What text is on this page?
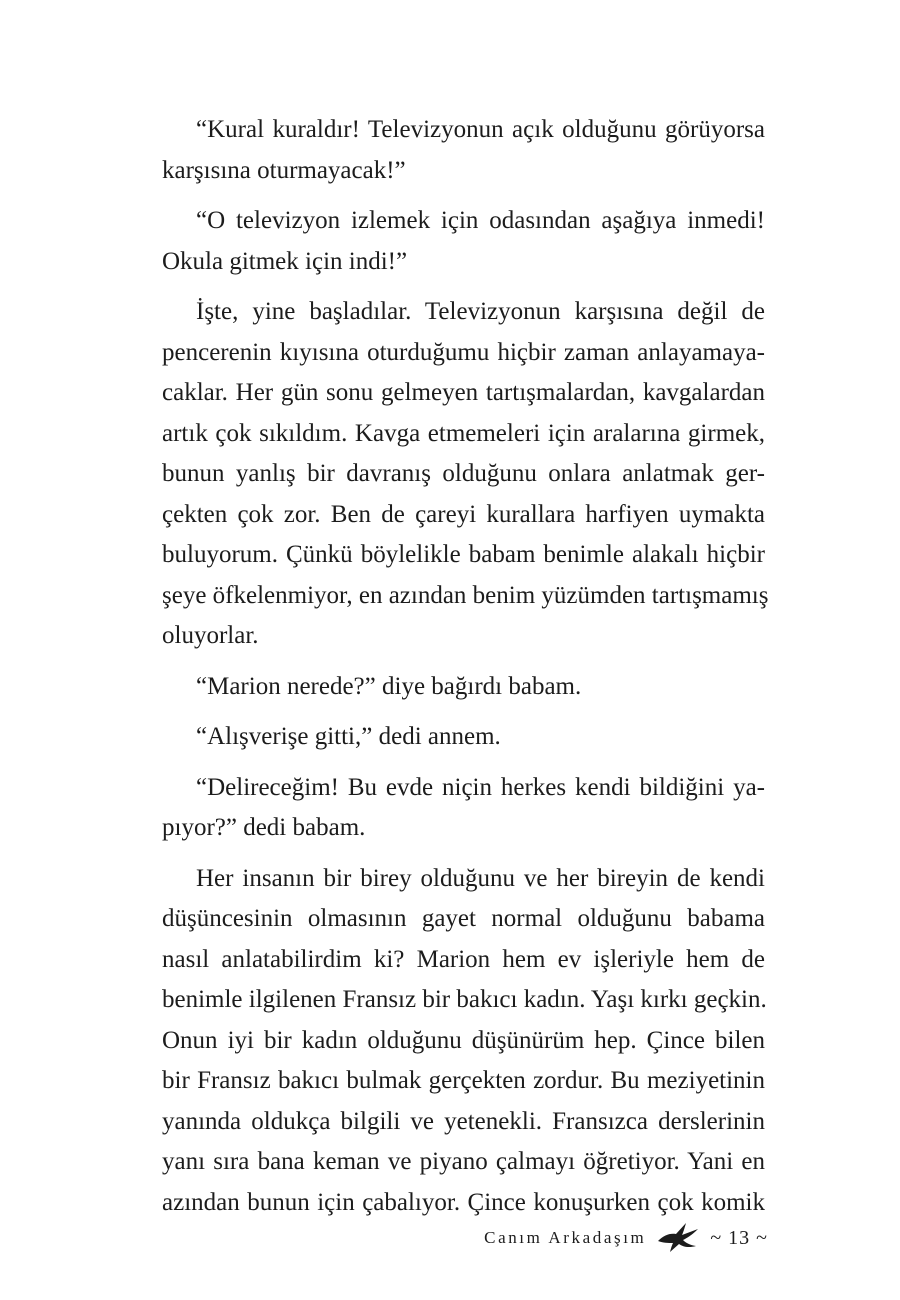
“Kural kuraldır! Televizyonun açık olduğunu görüyorsa
karşısına oturmayacak!”

“O televizyon izlemek için odasından aşağıya inmedi!
Okula gitmek için indi!”

İşte, yine başladılar. Televizyonun karşısına değil de
pencerenin kıyısına oturduğumu hiçbir zaman anlayamaya-
caklar. Her gün sonu gelmeyen tartışmalardan, kavgalardan
artık çok sıkıldım. Kavga etmemeleri için aralarına girmek,
bunun yanlış bir davranış olduğunu onlara anlatmak ger-
çekten çok zor. Ben de çareyi kurallara harfiyen uymakta
buluyorum. Çünkü böylelikle babam benimle alakalı hiçbir
şeye öfkelenmiyor, en azından benim yüzümden tartışmamış
oluyorlar.

“Marion nerede?” diye bağırdı babam.

“Alışverişe gitti,” dedi annem.

“Delireceğim! Bu evde niçin herkes kendi bildiğini ya-
pıyor?” dedi babam.

Her insanın bir birey olduğunu ve her bireyin de kendi
düşüncesinin olmasının gayet normal olduğunu babama
nasıl anlatabilirdim ki? Marion hem ev işleriyle hem de
benimle ilgilenen Fransız bir bakıcı kadın. Yaşı kırkı geçkin.
Onun iyi bir kadın olduğunu düşünürüm hep. Çince bilen
bir Fransız bakıcı bulmak gerçekten zordur. Bu meziyetinin
yanında oldukça bilgili ve yetenekli. Fransızca derslerinin
yanı sıra bana keman ve piyano çalmayı öğretiyor. Yani en
azından bunun için çabalıyor. Çince konuşurken çok komik

Canım Arkadaşım	~ 13 ~
